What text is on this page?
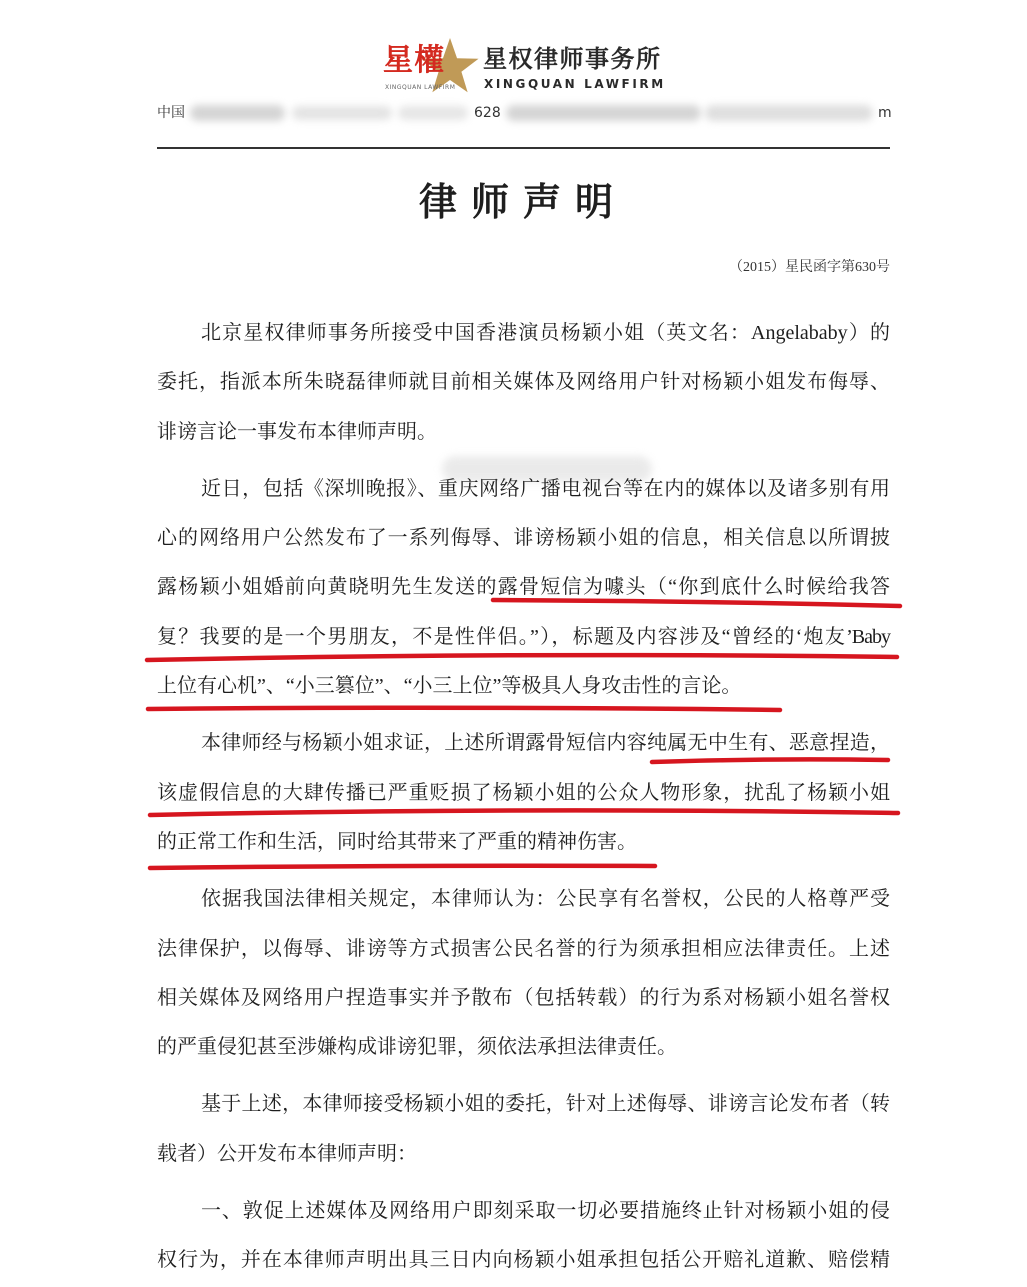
星權
XINGQUAN LAWFIRM
星权律师事务所
XINGQUAN LAWFIRM
中国	628	m
律师声明
（2015）星民函字第630号
北京星权律师事务所接受中国香港演员杨颖小姐（英文名：Angelababy）的
委托，指派本所朱晓磊律师就目前相关媒体及网络用户针对杨颖小姐发布侮辱、
诽谤言论一事发布本律师声明。
近日，包括《深圳晚报》、重庆网络广播电视台等在内的媒体以及诸多别有用
心的网络用户公然发布了一系列侮辱、诽谤杨颖小姐的信息，相关信息以所谓披
露杨颖小姐婚前向黄晓明先生发送的露骨短信为噱头（“你到底什么时候给我答
复？我要的是一个男朋友，不是性伴侣。”），标题及内容涉及“曾经的‘炮友’Baby
上位有心机”、“小三篡位”、“小三上位”等极具人身攻击性的言论。
本律师经与杨颖小姐求证，上述所谓露骨短信内容纯属无中生有、恶意捏造，
该虚假信息的大肆传播已严重贬损了杨颖小姐的公众人物形象，扰乱了杨颖小姐
的正常工作和生活，同时给其带来了严重的精神伤害。
依据我国法律相关规定，本律师认为：公民享有名誉权，公民的人格尊严受
法律保护，以侮辱、诽谤等方式损害公民名誉的行为须承担相应法律责任。上述
相关媒体及网络用户捏造事实并予散布（包括转载）的行为系对杨颖小姐名誉权
的严重侵犯甚至涉嫌构成诽谤犯罪，须依法承担法律责任。
基于上述，本律师接受杨颖小姐的委托，针对上述侮辱、诽谤言论发布者（转
载者）公开发布本律师声明：
一、敦促上述媒体及网络用户即刻采取一切必要措施终止针对杨颖小姐的侵
权行为，并在本律师声明出具三日内向杨颖小姐承担包括公开赔礼道歉、赔偿精
